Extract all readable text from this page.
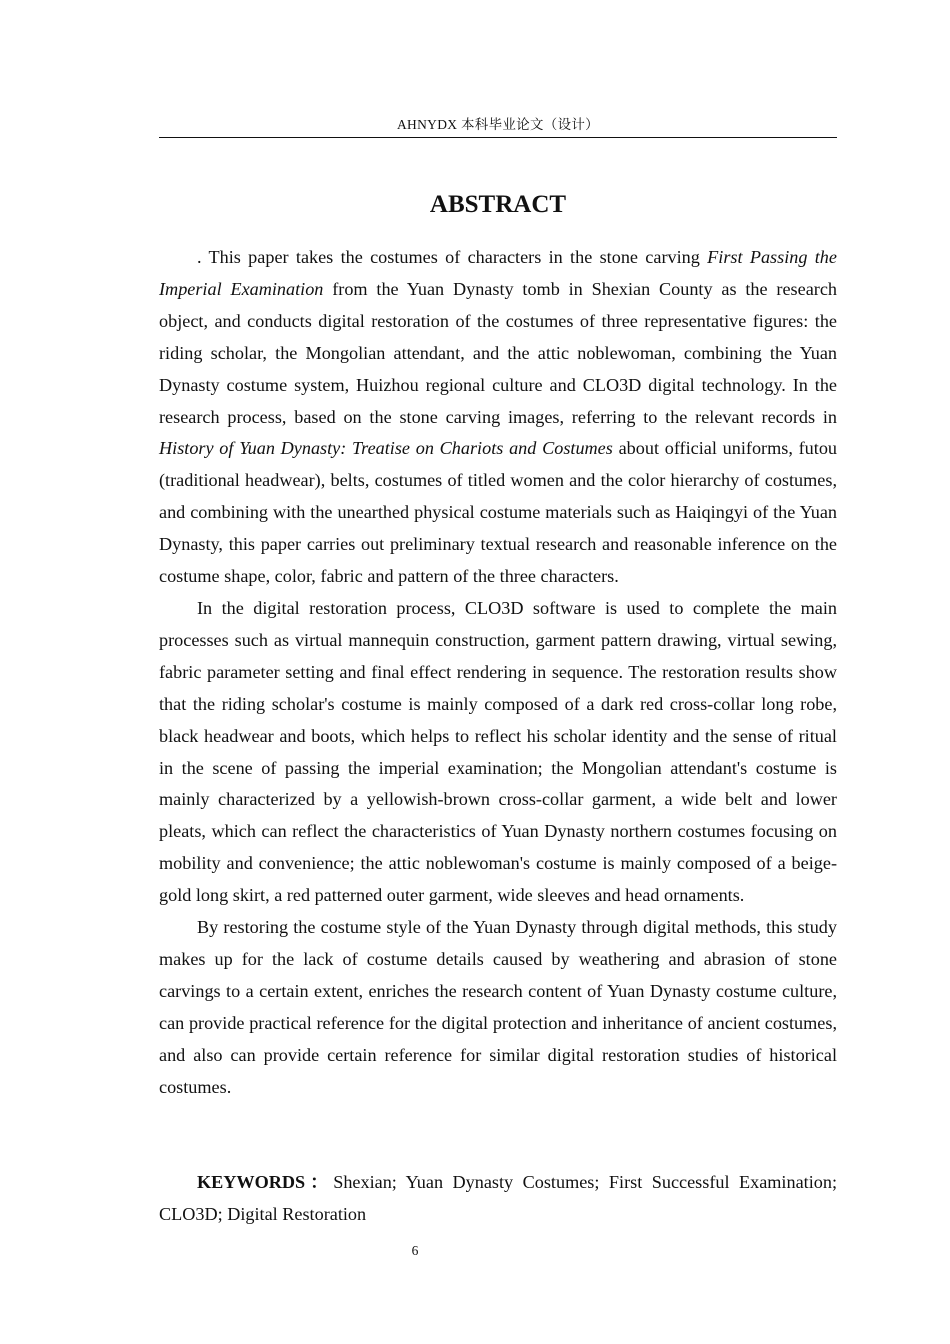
AHNYDX 本科毕业论文（设计）
ABSTRACT

. This paper takes the costumes of characters in the stone carving First Passing the Imperial Examination from the Yuan Dynasty tomb in Shexian County as the research object, and conducts digital restoration of the costumes of three representative figures: the riding scholar, the Mongolian attendant, and the attic noblewoman, combining the Yuan Dynasty costume system, Huizhou regional culture and CLO3D digital technology. In the research process, based on the stone carving images, referring to the relevant records in History of Yuan Dynasty: Treatise on Chariots and Costumes about official uniforms, futou (traditional headwear), belts, costumes of titled women and the color hierarchy of costumes, and combining with the unearthed physical costume materials such as Haiqingyi of the Yuan Dynasty, this paper carries out preliminary textual research and reasonable inference on the costume shape, color, fabric and pattern of the three characters.

In the digital restoration process, CLO3D software is used to complete the main processes such as virtual mannequin construction, garment pattern drawing, virtual sewing, fabric parameter setting and final effect rendering in sequence. The restoration results show that the riding scholar's costume is mainly composed of a dark red cross-collar long robe, black headwear and boots, which helps to reflect his scholar identity and the sense of ritual in the scene of passing the imperial examination; the Mongolian attendant's costume is mainly characterized by a yellowish-brown cross-collar garment, a wide belt and lower pleats, which can reflect the characteristics of Yuan Dynasty northern costumes focusing on mobility and convenience; the attic noblewoman's costume is mainly composed of a beige-gold long skirt, a red patterned outer garment, wide sleeves and head ornaments.

By restoring the costume style of the Yuan Dynasty through digital methods, this study makes up for the lack of costume details caused by weathering and abrasion of stone carvings to a certain extent, enriches the research content of Yuan Dynasty costume culture, can provide practical reference for the digital protection and inheritance of ancient costumes, and also can provide certain reference for similar digital restoration studies of historical costumes.

KEYWORDS：Shexian; Yuan Dynasty Costumes; First Successful Examination; CLO3D; Digital Restoration

6
